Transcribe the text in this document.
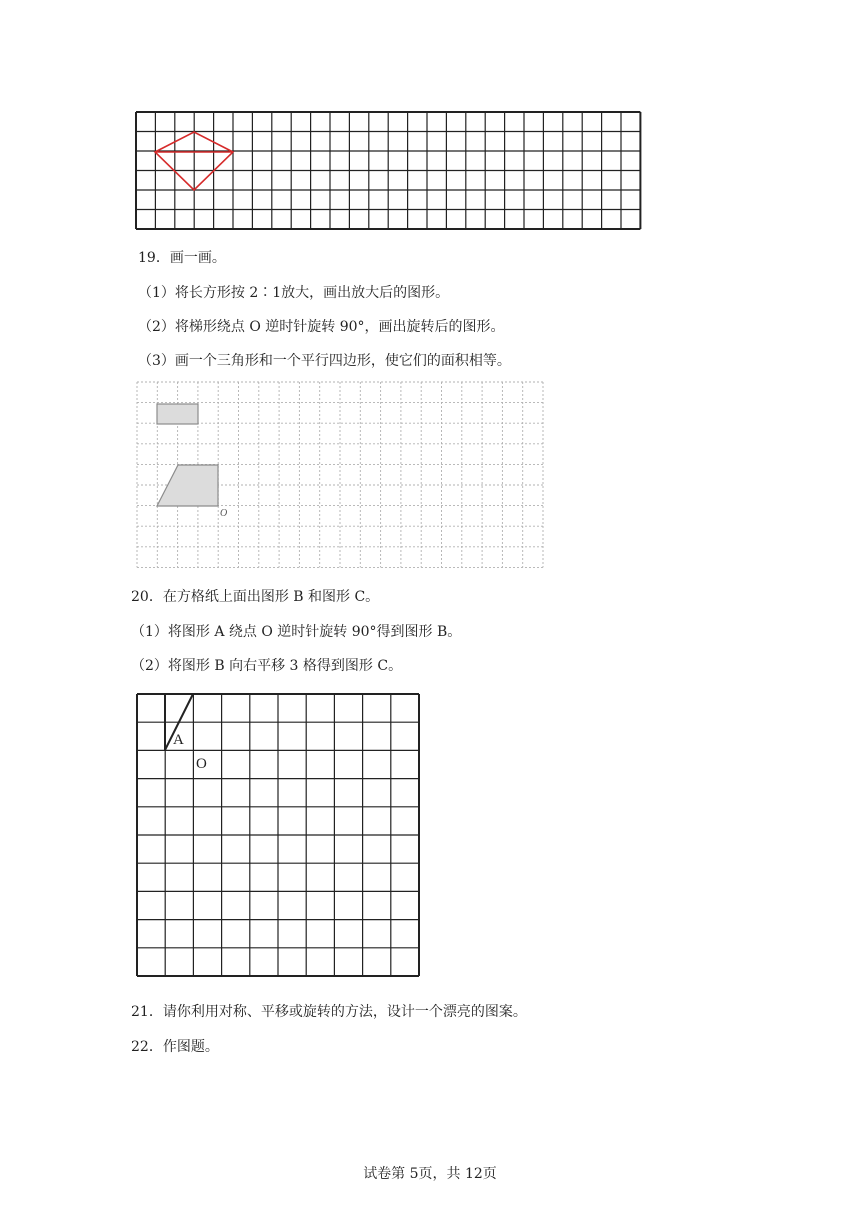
19．画一画。
（1）将长方形按 2∶1放大，画出放大后的图形。
（2）将梯形绕点 O 逆时针旋转 90°，画出旋转后的图形。
（3）画一个三角形和一个平行四边形，使它们的面积相等。
O
20．在方格纸上面出图形 B 和图形 C。
（1）将图形 A 绕点 O 逆时针旋转 90°得到图形 B。
（2）将图形 B 向右平移 3 格得到图形 C。
A
O
21．请你利用对称、平移或旋转的方法，设计一个漂亮的图案。
22．作图题。
试卷第 5页，共 12页
